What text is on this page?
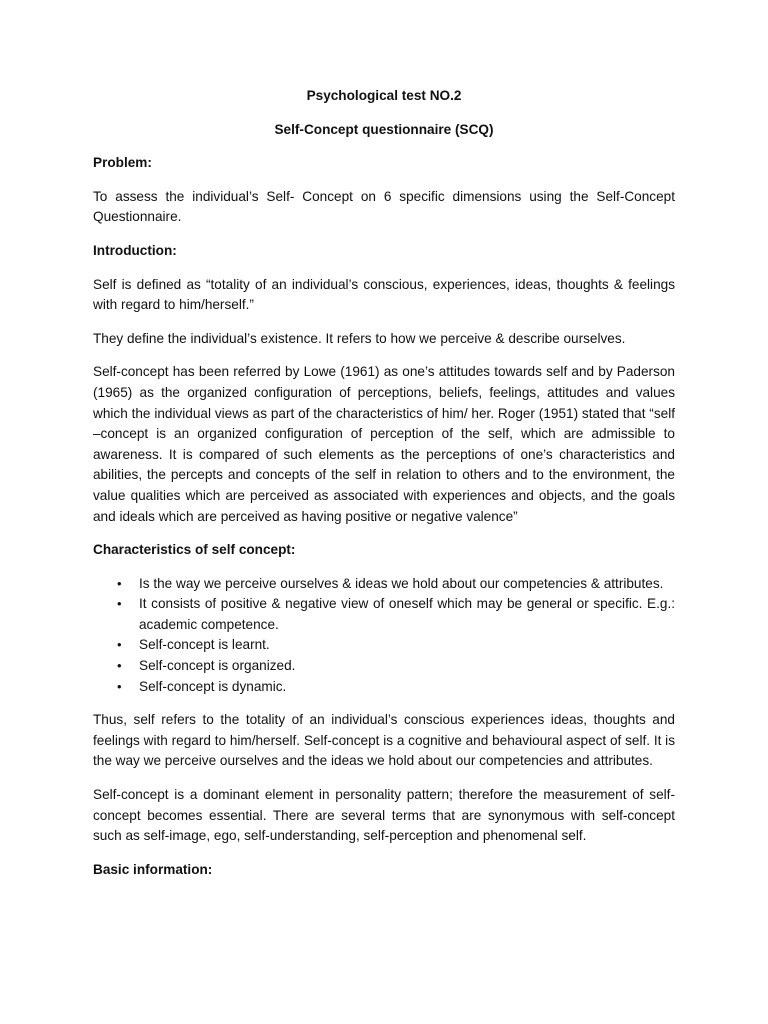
Psychological test NO.2

Self-Concept questionnaire (SCQ)

Problem:

To assess the individual’s Self- Concept on 6 specific dimensions using the Self-Concept Questionnaire.

Introduction:

Self is defined as “totality of an individual’s conscious, experiences, ideas, thoughts & feelings with regard to him/herself.”

They define the individual’s existence. It refers to how we perceive & describe ourselves.

Self-concept has been referred by Lowe (1961) as one’s attitudes towards self and by Paderson (1965) as the organized configuration of perceptions, beliefs, feelings, attitudes and values which the individual views as part of the characteristics of him/ her. Roger (1951) stated that “self –concept is an organized configuration of perception of the self, which are admissible to awareness. It is compared of such elements as the perceptions of one’s characteristics and abilities, the percepts and concepts of the self in relation to others and to the environment, the value qualities which are perceived as associated with experiences and objects, and the goals and ideals which are perceived as having positive or negative valence”

Characteristics of self concept:

• Is the way we perceive ourselves & ideas we hold about our competencies & attributes.
• It consists of positive & negative view of oneself which may be general or specific. E.g.: academic competence.
• Self-concept is learnt.
• Self-concept is organized.
• Self-concept is dynamic.

Thus, self refers to the totality of an individual’s conscious experiences ideas, thoughts and feelings with regard to him/herself. Self-concept is a cognitive and behavioural aspect of self. It is the way we perceive ourselves and the ideas we hold about our competencies and attributes.

Self-concept is a dominant element in personality pattern; therefore the measurement of self-concept becomes essential. There are several terms that are synonymous with self-concept such as self-image, ego, self-understanding, self-perception and phenomenal self.

Basic information:
